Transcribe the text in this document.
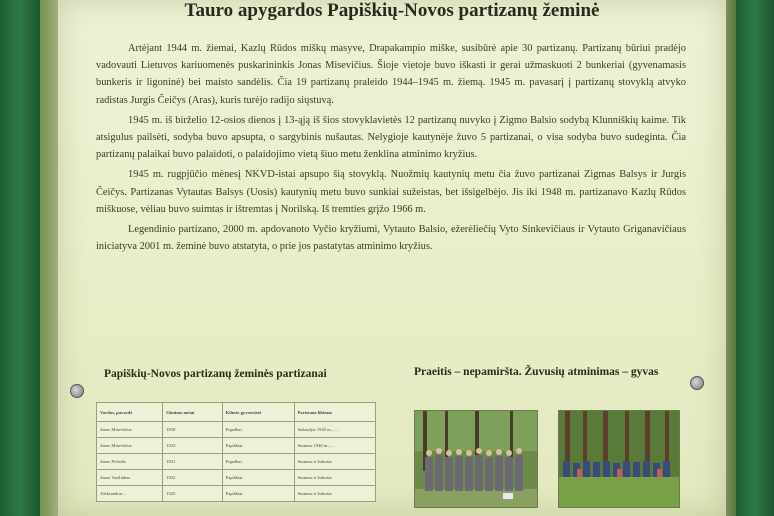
Tauro apygardos Papiškių-Novos partizanų žeminė

Artėjant 1944 m. žiemai, Kazlų Rūdos miškų masyve, Drapakampio miške, susibūrė apie 30 partizanų. Partizanų būriui pradėjo vadovauti Lietuvos kariuomenės puskarininkis Jonas Misevičius. Šioje vietoje buvo iškasti ir gerai užmaskuoti 2 bunkeriai (gyvenamasis bunkeris ir ligoninė) bei maisto sandėlis. Čia 19 partizanų praleido 1944–1945 m. žiemą. 1945 m. pavasarį į partizanų stovyklą atvyko radistas Jurgis Čeičys (Aras), kuris turėjo radijo siųstuvą.

1945 m. iš birželio 12-osios dienos į 13-ąją iš šios stovyklavietės 12 partizanų nuvyko į Zigmo Balsio sodybą Klunniškių kaime. Tik atsigulus pailsėti, sodyba buvo apsupta, o sargybinis nušautas. Nelygioje kautynėje žuvo 5 partizanai, o visa sodyba buvo sudeginta. Čia partizanų palaikai buvo palaidoti, o palaidojimo vietą šiuo metu ženklina atminimo kryžius.

1945 m. rugpjūčio mėnesį NKVD-istai apsupo šią stovyklą. Nuožmių kautynių metu čia žuvo partizanai Zigmas Balsys ir Jurgis Čeičys. Partizanas Vytautas Balsys (Uosis) kautynių metu buvo sunkiai sužeistas, bet išsigelbėjo. Jis iki 1948 m. partizanavo Kazlų Rūdos miškuose, vėliau buvo suimtas ir ištremtas į Norilską. Iš tremties grįžo 1966 m.

Legendinio partizano, 2000 m. apdovanoto Vyčio kryžiumi, Vytauto Balsio, ežerėliečių Vyto Sinkevičiaus ir Vytauto Griganavičiaus iniciatyva 2001 m. žeminė buvo atstatyta, o prie jos pastatytas atminimo kryžius.

Papiškių-Novos partizanų žeminės partizanai	Praeitis – nepamiršta. Žuvusių atminimas – gyvas
Vardas, pavardė	Gimimo metai	Kilmės gyvenvietė	Partizano likimas
Jonas Misevičius	1918	Pupelkai	Sušaudyti 1945 m., ....
Jonas Misevičius	1923	Papiškiai	Suimtas 1946 m., ...
Jonas Pečiulis	1921	Pupelkai	Suimtas ir kalintas
Jonas Vasiliukas	1922	Papiškiai	Suimtas ir kalintas
Aleksandras ...	1925	Papiškiai	Suimtas ir kalintas
